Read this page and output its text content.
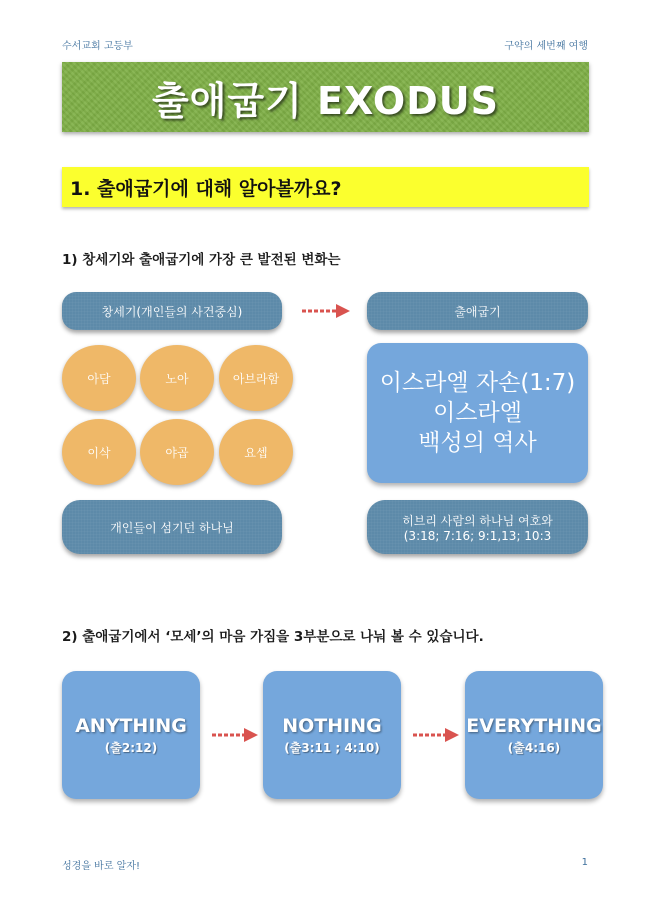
수서교회 고등부	구약의 세번째 여행
출애굽기 EXODUS
1. 출애굽기에 대해 알아볼까요?
1) 창세기와 출애굽기에 가장 큰 발전된 변화는
창세기(개인들의 사건중심)	출애굽기
아담	노아	아브라함
이삭	야곱	요셉
이스라엘 자손(1:7)
이스라엘
백성의 역사
개인들이 섬기던 하나님	히브리 사람의 하나님 여호와
(3:18; 7:16; 9:1,13; 10:3
2) 출애굽기에서 ‘모세’의 마음 가짐을 3부분으로 나눠 볼 수 있습니다.
ANYTHING
(출2:12)
NOTHING
(출3:11 ; 4:10)
EVERYTHING
(출4:16)
성경을 바로 알자!	1
